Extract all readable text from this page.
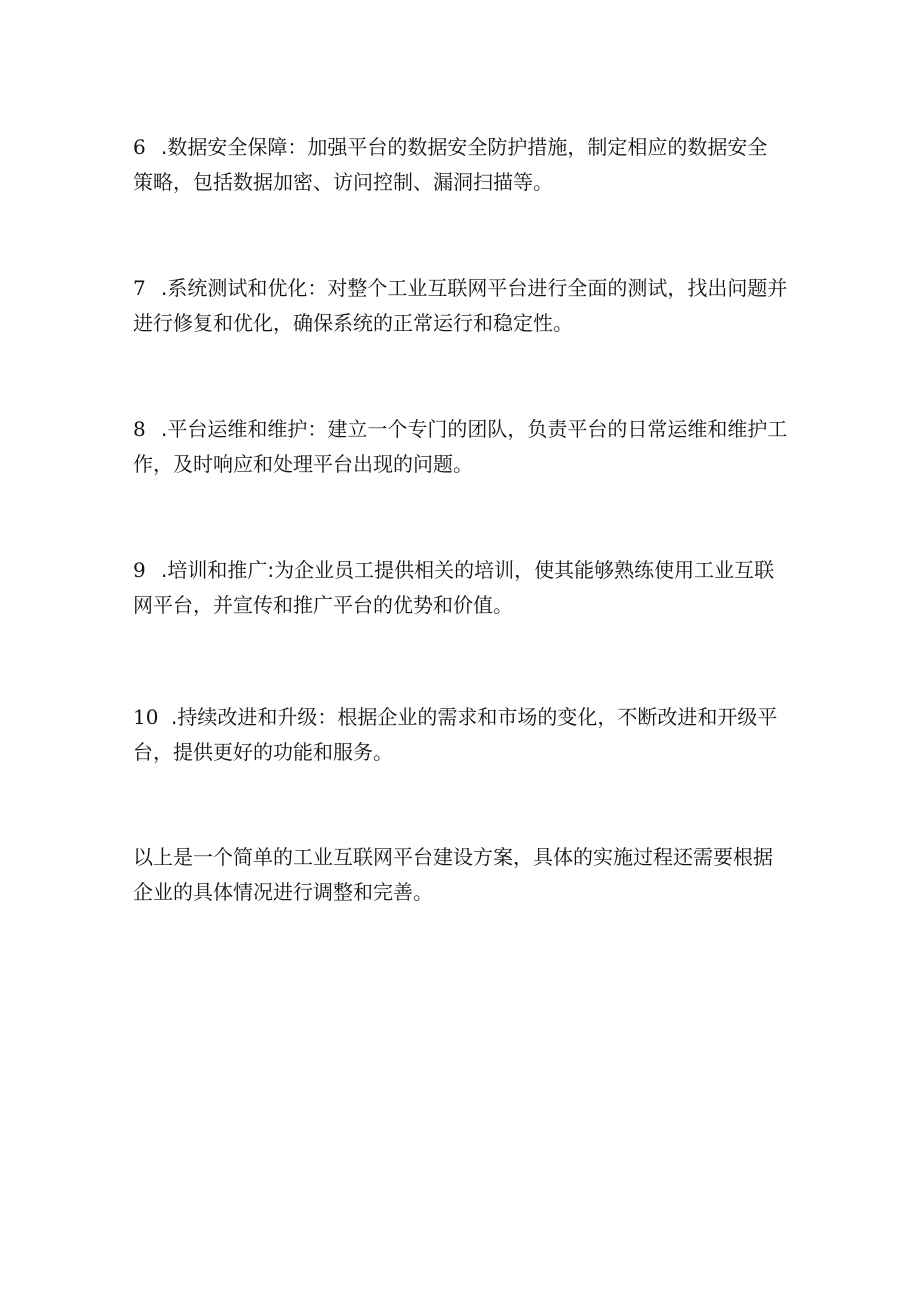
6 .数据安全保障：加强平台的数据安全防护措施，制定相应的数据安全
策略，包括数据加密、访问控制、漏洞扫描等。

7 .系统测试和优化：对整个工业互联网平台进行全面的测试，找出问题并
进行修复和优化，确保系统的正常运行和稳定性。

8 .平台运维和维护：建立一个专门的团队，负责平台的日常运维和维护工
作，及时响应和处理平台出现的问题。

9 .培训和推广:为企业员工提供相关的培训，使其能够熟练使用工业互联
网平台，并宣传和推广平台的优势和价值。

10 .持续改进和升级：根据企业的需求和市场的变化，不断改进和开级平
台，提供更好的功能和服务。

以上是一个简单的工业互联网平台建设方案，具体的实施过程还需要根据
企业的具体情况进行调整和完善。
